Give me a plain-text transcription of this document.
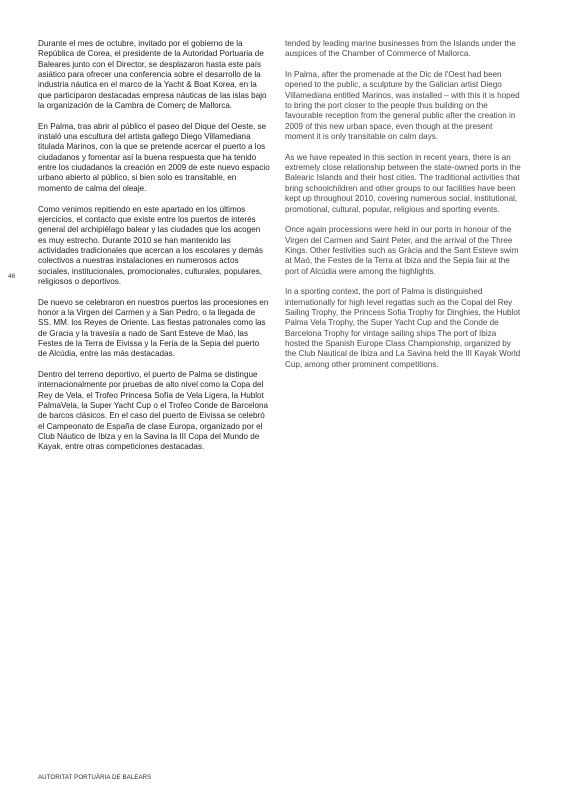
46

Durante el mes de octubre, invitado por el gobierno de la República de Corea, el presidente de la Autoridad Portuaria de Baleares junto con el Director, se desplazaron hasta este país asiático para ofrecer una conferencia sobre el desarrollo de la industria náutica en el marco de la Yacht & Boat Korea, en la que participaron destacadas empresa náuticas de las islas bajo la organización de la Cambra de Comerç de Mallorca.

En Palma, tras abrir al público el paseo del Dique del Oeste, se instaló una escultura del artista gallego Diego Villamediana titulada Marinos, con la que se pretende acercar el puerto a los ciudadanos y fomentar así la buena respuesta que ha tenido entre los ciudadanos la creación en 2009 de este nuevo espacio urbano abierto al público, si bien solo es transitable, en momento de calma del oleaje.

Como venimos repitiendo en este apartado en los últimos ejercicios, el contacto que existe entre los puertos de interés general del archipiélago balear y las ciudades que los acogen es muy estrecho. Durante 2010 se han mantenido las actividades tradicionales que acercan a los escolares y demás colectivos a nuestras instalaciones en numerosos actos sociales, institucionales, promocionales, culturales, populares, religiosos o deportivos.

De nuevo se celebraron en nuestros puertos las procesiones en honor a la Virgen del Carmen y a San Pedro, o la llegada de SS. MM. los Reyes de Oriente. Las fiestas patronales como las de Gracia y la travesía a nado de Sant Esteve de Maó, las Festes de la Terra de Eivissa y la Feria de la Sepia del puerto de Alcúdia, entre las más destacadas.

Dentro del terreno deportivo, el puerto de Palma se distingue internacionalmente por pruebas de alto nivel como la Copa del Rey de Vela, el Trofeo Princesa Sofía de Vela Ligera, la Hublot PalmaVela, la Super Yacht Cup o el Trofeo Conde de Barcelona de barcos clásicos. En el caso del puerto de Eivissa se celebró el Campeonato de España de clase Europa, organizado por el Club Náutico de Ibiza y en la Savina la III Copa del Mundo de Kayak, entre otras competiciones destacadas.

tended by leading marine businesses from the Islands under the auspices of the Chamber of Commerce of Mallorca.

In Palma, after the promenade at the Dic de l'Oest had been opened to the public, a sculpture by the Galician artist Diego Villamediana entitled Marinos, was installed – with this it is hoped to bring the port closer to the people thus building on the favourable reception from the general public after the creation in 2009 of this new urban space, even though at the present moment it is only transitable on calm days.

As we have repeated in this section in recent years, there is an extremely close relationship between the state-owned ports in the Balearic Islands and their host cities. The traditional activities that bring schoolchildren and other groups to our facilities have been kept up throughout 2010, covering numerous social, institutional, promotional, cultural, popular, religious and sporting events.

Once again processions were held in our ports in honour of the Virgen del Carmen and Saint Peter, and the arrival of the Three Kings. Other festivities such as Gràcia and the Sant Esteve swim at Maó, the Festes de la Terra at Ibiza and the Sepia fair at the port of Alcúdia were among the highlights.

In a sporting context, the port of Palma is distinguished internationally for high level regattas such as the Copal del Rey Sailing Trophy, the Princess Sofia Trophy for Dinghies, the Hublot Palma Vela Trophy, the Super Yacht Cup and the Conde de Barcelona Trophy for vintage sailing ships The port of Ibiza hosted the Spanish Europe Class Championship, organized by the Club Nautical de Ibiza and La Savina held the III Kayak World Cup, among other prominent competitions.

AUTORITAT PORTUÀRIA DE BALEARS
